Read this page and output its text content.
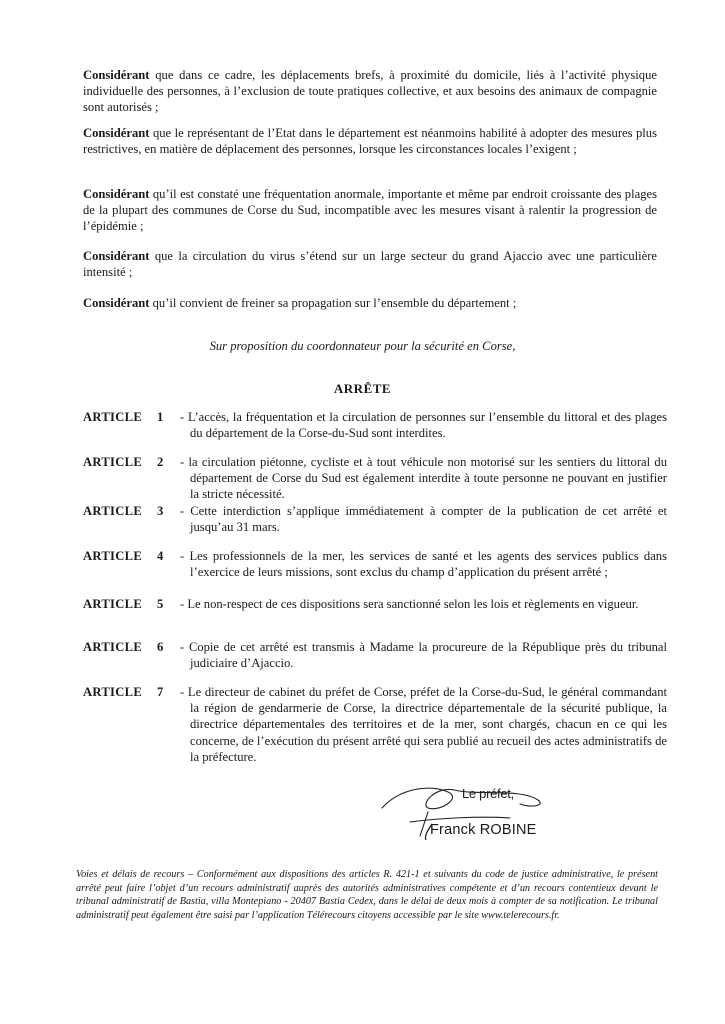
Considérant que dans ce cadre, les déplacements brefs, à proximité du domicile, liés à l’activité physique individuelle des personnes, à l’exclusion de toute pratiques collective, et aux besoins des animaux de compagnie sont autorisés ;

Considérant que le représentant de l’Etat dans le département est néanmoins habilité à adopter des mesures plus restrictives, en matière de déplacement des personnes, lorsque les circonstances locales l’exigent ;

Considérant qu’il est constaté une fréquentation anormale, importante et même par endroit croissante des plages de la plupart des communes de Corse du Sud, incompatible avec les mesures visant à ralentir la progression de l’épidémie ;

Considérant que la circulation du virus s’étend sur un large secteur du grand Ajaccio avec une particulière intensité ;

Considérant qu’il convient de freiner sa propagation sur l’ensemble du département ;

Sur proposition du coordonnateur pour la sécurité en Corse,

ARRÊTE

ARTICLE	1	- L’accès, la fréquentation et la circulation de personnes sur l’ensemble du littoral et des plages du département de la Corse-du-Sud sont interdites.
ARTICLE	2	- la circulation piétonne, cycliste et à tout véhicule non motorisé sur les sentiers du littoral du département de Corse du Sud est également interdite à toute personne ne pouvant en justifier la stricte nécessité.
ARTICLE	3	- Cette interdiction s’applique immédiatement à compter de la publication de cet arrêté et jusqu’au 31 mars.
ARTICLE	4	- Les professionnels de la mer, les services de santé et les agents des services publics dans l’exercice de leurs missions, sont exclus du champ d’application du présent arrêté ;
ARTICLE	5	- Le non-respect de ces dispositions sera sanctionné selon les lois et règlements en vigueur.
ARTICLE	6	- Copie de cet arrêté est transmis à Madame la procureure de la République près du tribunal judiciaire d’Ajaccio.
ARTICLE	7	- Le directeur de cabinet du préfet de Corse, préfet de la Corse-du-Sud, le général commandant la région de gendarmerie de Corse, la directrice départementale de la sécurité publique, la directrice départementales des territoires et de la mer, sont chargés, chacun en ce qui les concerne, de l’exécution du présent arrêté qui sera publié au recueil des actes administratifs de la préfecture.
Le préfet,
Franck ROBINE

Voies et délais de recours – Conformément aux dispositions des articles R. 421-1 et suivants du code de justice administrative, le présent arrêté peut faire l’objet d’un recours administratif auprès des autorités administratives compétente et d’un recours contentieux devant le tribunal administratif de Bastia, villa Montepiano - 20407 Bastia Cedex, dans le délai de deux mois à compter de sa notification. Le tribunal administratif peut également être saisi par l’application Télérecours citoyens accessible par le site www.telerecours.fr.
